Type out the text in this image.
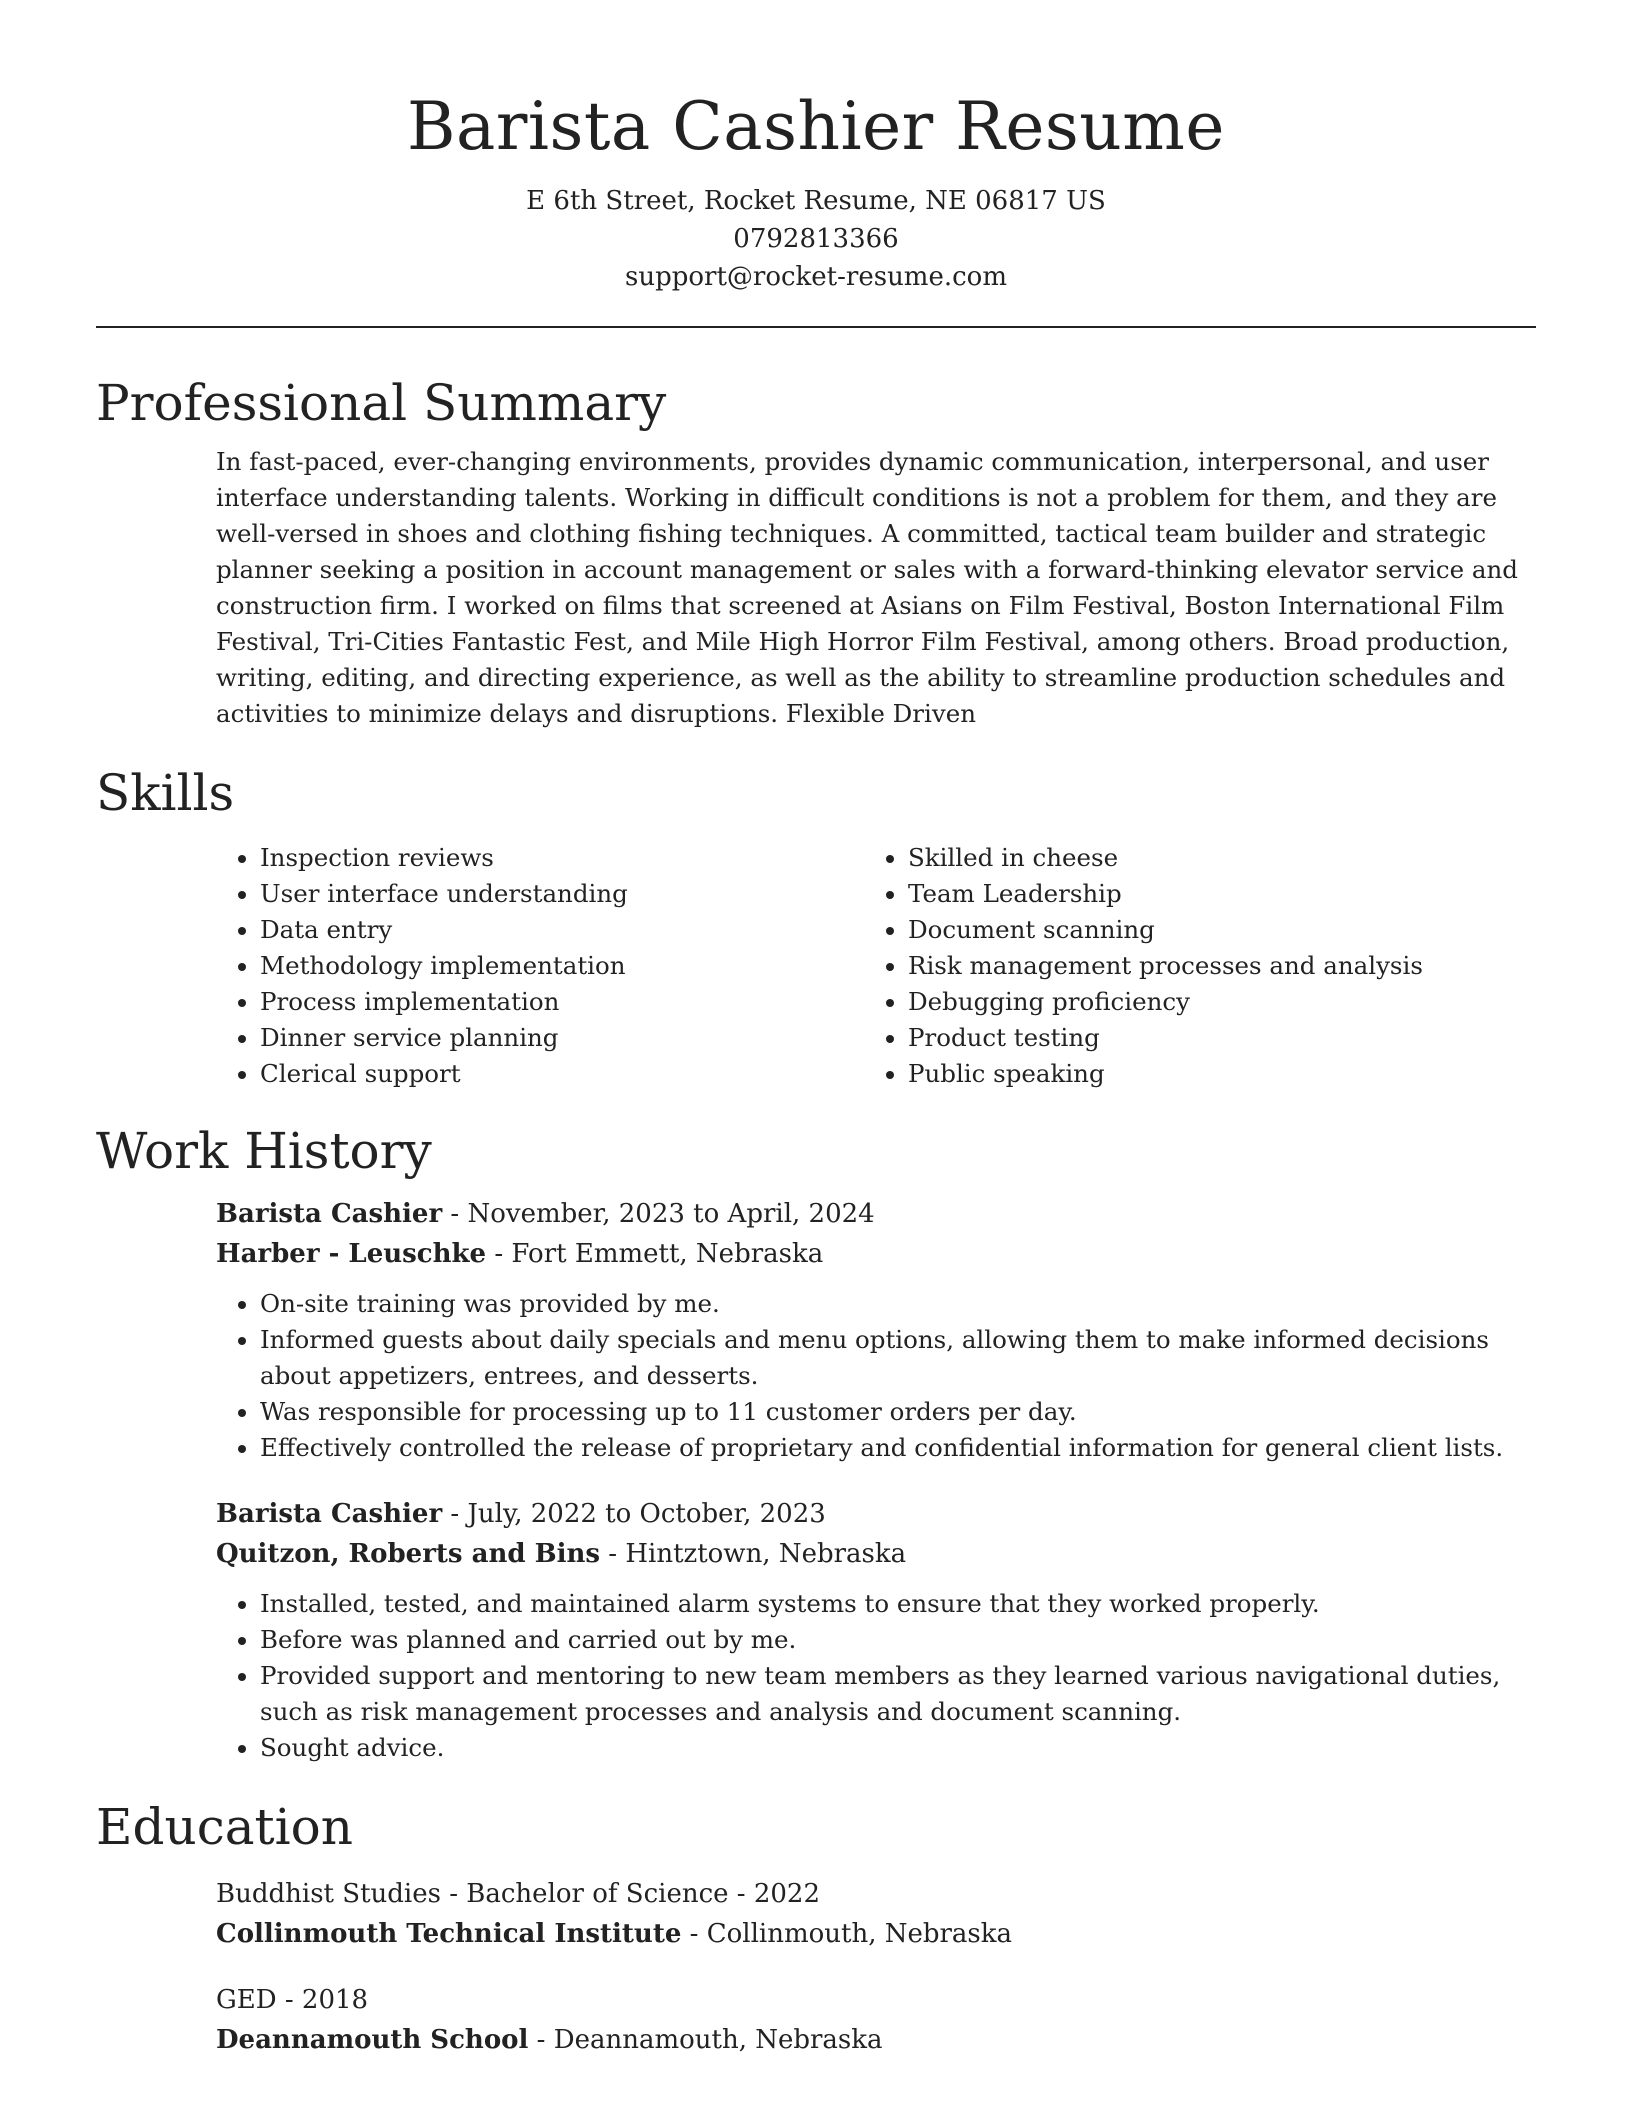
Barista Cashier Resume

E 6th Street, Rocket Resume, NE 06817 US

0792813366

support@rocket-resume.com

Professional Summary

In fast-paced, ever-changing environments, provides dynamic communication, interpersonal, and user interface understanding talents. Working in difficult conditions is not a problem for them, and they are well-versed in shoes and clothing fishing techniques. A committed, tactical team builder and strategic planner seeking a position in account management or sales with a forward-thinking elevator service and construction firm. I worked on films that screened at Asians on Film Festival, Boston International Film Festival, Tri-Cities Fantastic Fest, and Mile High Horror Film Festival, among others. Broad production, writing, editing, and directing experience, as well as the ability to streamline production schedules and activities to minimize delays and disruptions. Flexible Driven

Skills
• Inspection reviews
• User interface understanding
• Data entry
• Methodology implementation
• Process implementation
• Dinner service planning
• Clerical support
• Skilled in cheese
• Team Leadership
• Document scanning
• Risk management processes and analysis
• Debugging proficiency
• Product testing
• Public speaking
Work History

Barista Cashier - November, 2023 to April, 2024

Harber - Leuschke - Fort Emmett, Nebraska

• On-site training was provided by me.
• Informed guests about daily specials and menu options, allowing them to make informed decisions about appetizers, entrees, and desserts.
• Was responsible for processing up to 11 customer orders per day.
• Effectively controlled the release of proprietary and confidential information for general client lists.

Barista Cashier - July, 2022 to October, 2023

Quitzon, Roberts and Bins - Hintztown, Nebraska

• Installed, tested, and maintained alarm systems to ensure that they worked properly.
• Before was planned and carried out by me.
• Provided support and mentoring to new team members as they learned various navigational duties, such as risk management processes and analysis and document scanning.
• Sought advice.
Education

Buddhist Studies - Bachelor of Science - 2022

Collinmouth Technical Institute - Collinmouth, Nebraska

GED - 2018

Deannamouth School - Deannamouth, Nebraska
